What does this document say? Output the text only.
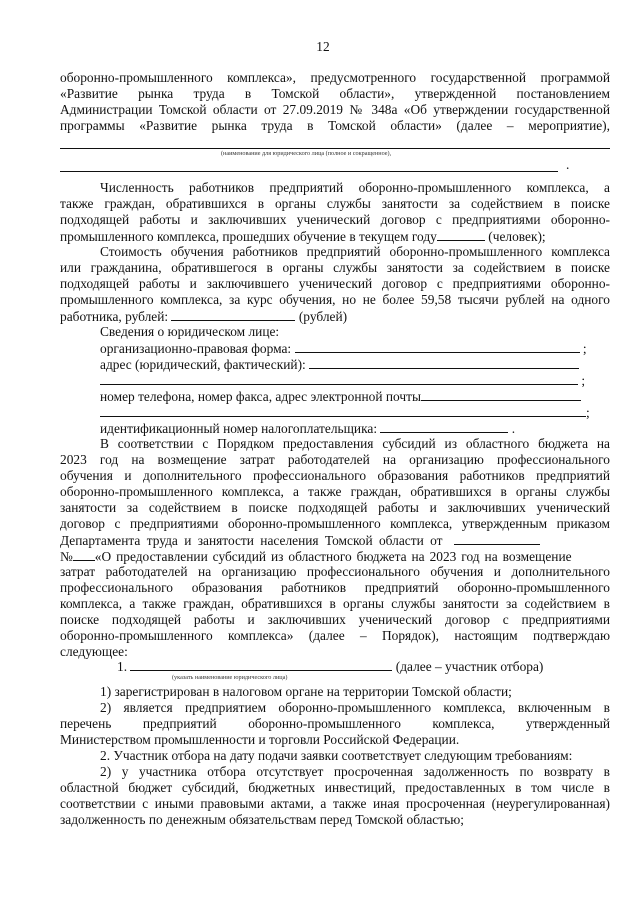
12
оборонно-промышленного комплекса», предусмотренного государственной программой
«Развитие рынка труда в Томской области», утвержденной постановлением
Администрации Томской области от 27.09.2019 № 348а «Об утверждении государственной
программы «Развитие рынка труда в Томской области» (далее – мероприятие),
(наименование для юридического лица (полное и сокращенное),
.
Численность работников предприятий оборонно-промышленного комплекса, а
также граждан, обратившихся в органы службы занятости за содействием в поиске
подходящей работы и заключивших ученический договор с предприятиями оборонно-
промышленного комплекса, прошедших обучение в текущем году	(человек);
Стоимость обучения работников предприятий оборонно-промышленного комплекса
или гражданина, обратившегося в органы службы занятости за содействием в поиске
подходящей работы и заключившего ученический договор с предприятиями оборонно-
промышленного комплекса, за курс обучения, но не более 59,58 тысячи рублей на одного
работника, рублей:	(рублей)
Сведения о юридическом лице:
организационно-правовая форма:	;
адрес (юридический, фактический):
;
номер телефона, номер факса, адрес электронной почты
;
идентификационный номер налогоплательщика:	.
В соответствии с Порядком предоставления субсидий из областного бюджета на
2023 год на возмещение затрат работодателей на организацию профессионального
обучения и дополнительного профессионального образования работников предприятий
оборонно-промышленного комплекса, а также граждан, обратившихся в органы службы
занятости за содействием в поиске подходящей работы и заключивших ученический
договор с предприятиями оборонно-промышленного комплекса, утвержденным приказом
Департамента труда и занятости населения Томской области от
№ «О предоставлении субсидий из областного бюджета на 2023 год на возмещение
затрат работодателей на организацию профессионального обучения и дополнительного
профессионального образования работников предприятий оборонно-промышленного
комплекса, а также граждан, обратившихся в органы службы занятости за содействием в
поиске подходящей работы и заключивших ученический договор с предприятиями
оборонно-промышленного комплекса» (далее – Порядок), настоящим подтверждаю
следующее:
1.	(далее – участник отбора)
(указать наименование юридического лица)
1) зарегистрирован в налоговом органе на территории Томской области;
2) является предприятием оборонно-промышленного комплекса, включенным в
перечень предприятий оборонно-промышленного комплекса, утвержденный
Министерством промышленности и торговли Российской Федерации.
2. Участник отбора на дату подачи заявки соответствует следующим требованиям:
2) у участника отбора отсутствует просроченная задолженность по возврату в
областной бюджет субсидий, бюджетных инвестиций, предоставленных в том числе в
соответствии с иными правовыми актами, а также иная просроченная (неурегулированная)
задолженность по денежным обязательствам перед Томской областью;
